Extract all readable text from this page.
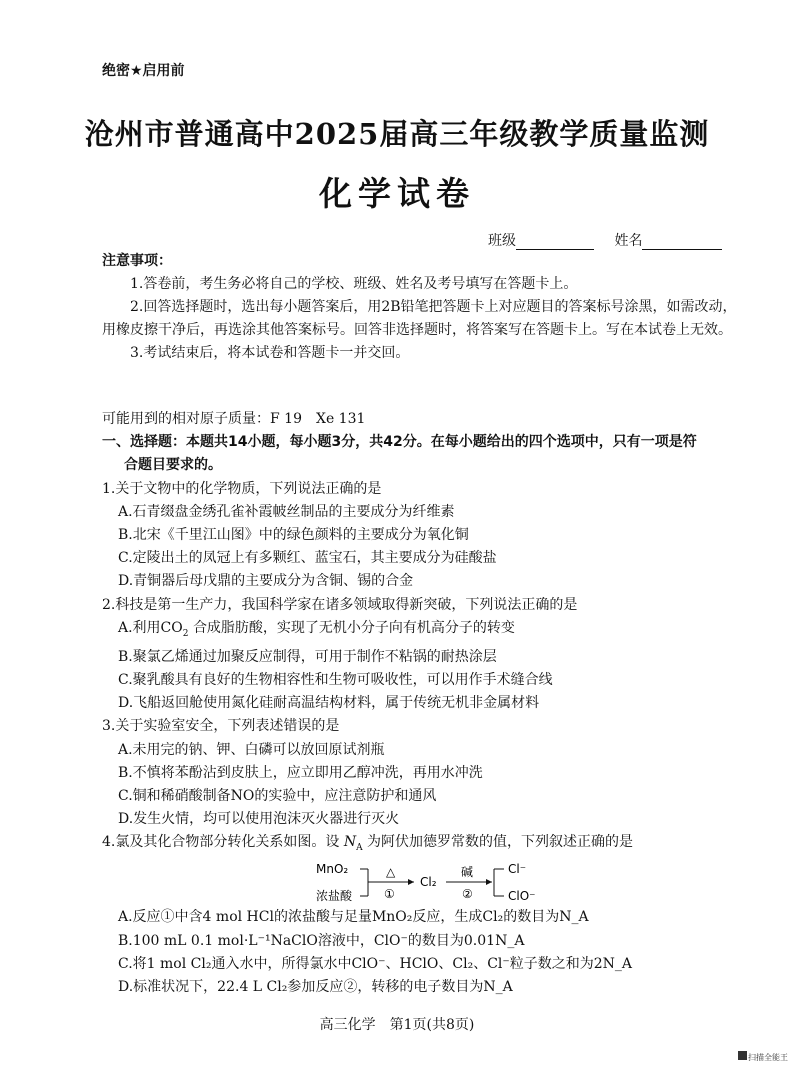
绝密★启用前
沧州市普通高中2025届高三年级教学质量监测
化学试卷
班级	姓名
注意事项：
1.答卷前，考生务必将自己的学校、班级、姓名及考号填写在答题卡上。
2.回答选择题时，选出每小题答案后，用2B铅笔把答题卡上对应题目的答案标号涂黑，如需改动，用橡皮擦干净后，再选涂其他答案标号。回答非选择题时，将答案写在答题卡上。写在本试卷上无效。
3.考试结束后，将本试卷和答题卡一并交回。
可能用到的相对原子质量：F 19　Xe 131
一、选择题：本题共14小题，每小题3分，共42分。在每小题给出的四个选项中，只有一项是符
合题目要求的。
1.关于文物中的化学物质，下列说法正确的是
A.石青缀盘金绣孔雀补霞帔丝制品的主要成分为纤维素
B.北宋《千里江山图》中的绿色颜料的主要成分为氧化铜
C.定陵出土的凤冠上有多颗红、蓝宝石，其主要成分为硅酸盐
D.青铜器后母戊鼎的主要成分为含铜、锡的合金
2.科技是第一生产力，我国科学家在诸多领域取得新突破，下列说法正确的是
A.利用$CO_2$ 合成脂肪酸，实现了无机小分子向有机高分子的转变
B.聚氯乙烯通过加聚反应制得，可用于制作不粘锅的耐热涂层
C.聚乳酸具有良好的生物相容性和生物可吸收性，可以用作手术缝合线
D.飞船返回舱使用氮化硅耐高温结构材料，属于传统无机非金属材料
3.关于实验室安全，下列表述错误的是
A.未用完的钠、钾、白磷可以放回原试剂瓶
B.不慎将苯酚沾到皮肤上，应立即用乙醇冲洗，再用水冲洗
C.铜和稀硝酸制备NO的实验中，应注意防护和通风
D.发生火情，均可以使用泡沫灭火器进行灭火
4.氯及其化合物部分转化关系如图。设 $N_A$ 为阿伏加德罗常数的值，下列叙述正确的是
MnO₂
浓盐酸
△
①
Cl₂
碱
②
Cl⁻
ClO⁻
A.反应①中含4 mol HCl的浓盐酸与足量MnO₂反应，生成Cl₂的数目为N_A
B.100 mL 0.1 mol·L⁻¹NaClO溶液中，ClO⁻的数目为0.01N_A
C.将1 mol Cl₂通入水中，所得氯水中ClO⁻、HClO、Cl₂、Cl⁻粒子数之和为2N_A
D.标准状况下，22.4 L Cl₂参加反应②，转移的电子数目为N_A
高三化学　第1页(共8页)
扫描全能王
